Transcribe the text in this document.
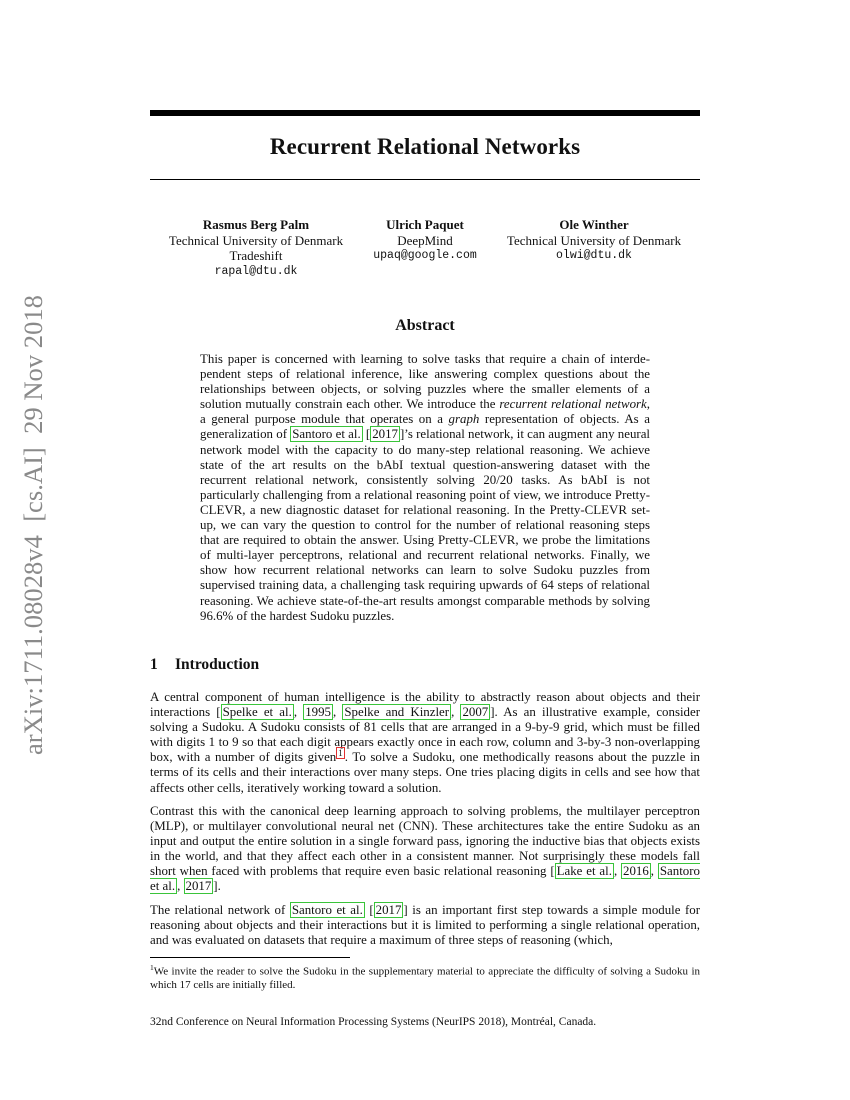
arXiv:1711.08028v4  [cs.AI]  29 Nov 2018
Recurrent Relational Networks
Rasmus Berg Palm
Technical University of Denmark
Tradeshift
rapal@dtu.dk
Ulrich Paquet
DeepMind
upaq@google.com
Ole Winther
Technical University of Denmark
olwi@dtu.dk
Abstract
This paper is concerned with learning to solve tasks that require a chain of interdependent steps of relational inference, like answering complex questions about the relationships between objects, or solving puzzles where the smaller elements of a solution mutually constrain each other. We introduce the recurrent relational network, a general purpose module that operates on a graph representation of objects. As a generalization of Santoro et al. [ 2017 ]’s relational network, it can augment any neural network model with the capacity to do many-step relational reasoning. We achieve state of the art results on the bAbI textual question-answering dataset with the recurrent relational network, consistently solving 20/20 tasks. As bAbI is not particularly challenging from a relational reasoning point of view, we introduce Pretty-CLEVR, a new diagnostic dataset for relational reasoning. In the Pretty-CLEVR set-up, we can vary the question to control for the number of relational reasoning steps that are required to obtain the answer. Using Pretty-CLEVR, we probe the limitations of multi-layer perceptrons, relational and recurrent relational networks. Finally, we show how recurrent relational networks can learn to solve Sudoku puzzles from supervised training data, a challenging task requiring upwards of 64 steps of relational reasoning. We achieve state-of-the-art results amongst comparable methods by solving 96.6% of the hardest Sudoku puzzles.
1 Introduction
A central component of human intelligence is the ability to abstractly reason about objects and their interactions [ Spelke et al. , 1995 , Spelke and Kinzler , 2007 ]. As an illustrative example, consider solving a Sudoku. A Sudoku consists of 81 cells that are arranged in a 9-by-9 grid, which must be filled with digits 1 to 9 so that each digit appears exactly once in each row, column and 3-by-3 non-overlapping box, with a number of digits given $^1$ . To solve a Sudoku, one methodically reasons about the puzzle in terms of its cells and their interactions over many steps. One tries placing digits in cells and see how that affects other cells, iteratively working toward a solution.
Contrast this with the canonical deep learning approach to solving problems, the multilayer perceptron (MLP), or multilayer convolutional neural net (CNN). These architectures take the entire Sudoku as an input and output the entire solution in a single forward pass, ignoring the inductive bias that objects exists in the world, and that they affect each other in a consistent manner. Not surprisingly these models fall short when faced with problems that require even basic relational reasoning [ Lake et al. , 2016 , Santoro et al. , 2017 ].
The relational network of Santoro et al. [ 2017 ] is an important first step towards a simple module for reasoning about objects and their interactions but it is limited to performing a single relational operation, and was evaluated on datasets that require a maximum of three steps of reasoning (which,
$^1$We invite the reader to solve the Sudoku in the supplementary material to appreciate the difficulty of solving a Sudoku in which 17 cells are initially filled.
32nd Conference on Neural Information Processing Systems (NeurIPS 2018), Montréal, Canada.
